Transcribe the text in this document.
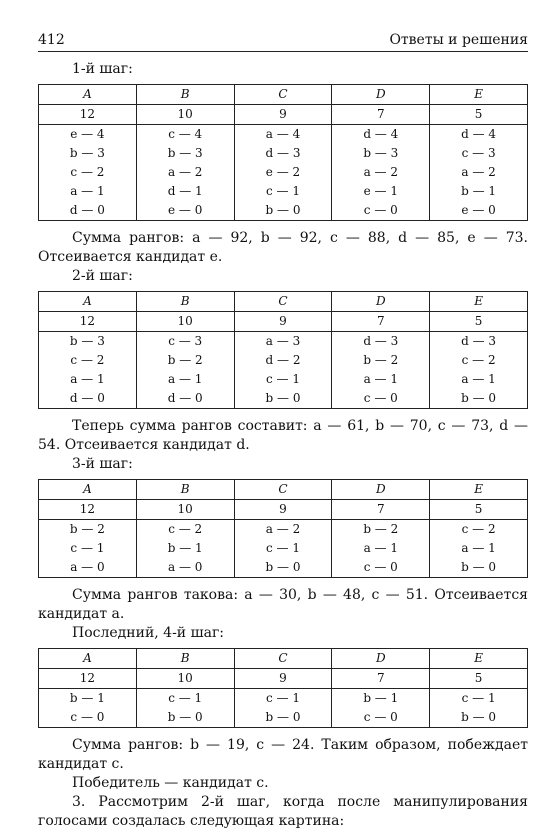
412	Ответы и решения
1-й шаг:
A	B	C	D	E
12	10	9	7	5
e — 4	c — 4	a — 4	d — 4	d — 4
b — 3	b — 3	d — 3	b — 3	c — 3
c — 2	a — 2	e — 2	a — 2	a — 2
a — 1	d — 1	c — 1	e — 1	b — 1
d — 0	e — 0	b — 0	c — 0	e — 0
Сумма рангов: a — 92, b — 92, c — 88, d — 85, e — 73. Отсеивается кандидат e.
2-й шаг:
A	B	C	D	E
12	10	9	7	5
b — 3	c — 3	a — 3	d — 3	d — 3
c — 2	b — 2	d — 2	b — 2	c — 2
a — 1	a — 1	c — 1	a — 1	a — 1
d — 0	d — 0	b — 0	c — 0	b — 0
Теперь сумма рангов составит: a — 61, b — 70, c — 73, d — 54. Отсеивается кандидат d.
3-й шаг:
A	B	C	D	E
12	10	9	7	5
b — 2	c — 2	a — 2	b — 2	c — 2
c — 1	b — 1	c — 1	a — 1	a — 1
a — 0	a — 0	b — 0	c — 0	b — 0
Сумма рангов такова: a — 30, b — 48, c — 51. Отсеивается кандидат a.
Последний, 4-й шаг:
A	B	C	D	E
12	10	9	7	5
b — 1	c — 1	c — 1	b — 1	c — 1
c — 0	b — 0	b — 0	c — 0	b — 0
Сумма рангов: b — 19, c — 24. Таким образом, побеждает кандидат c.
Победитель — кандидат c.
3. Рассмотрим 2-й шаг, когда после манипулирования голосами создалась следующая картина:
